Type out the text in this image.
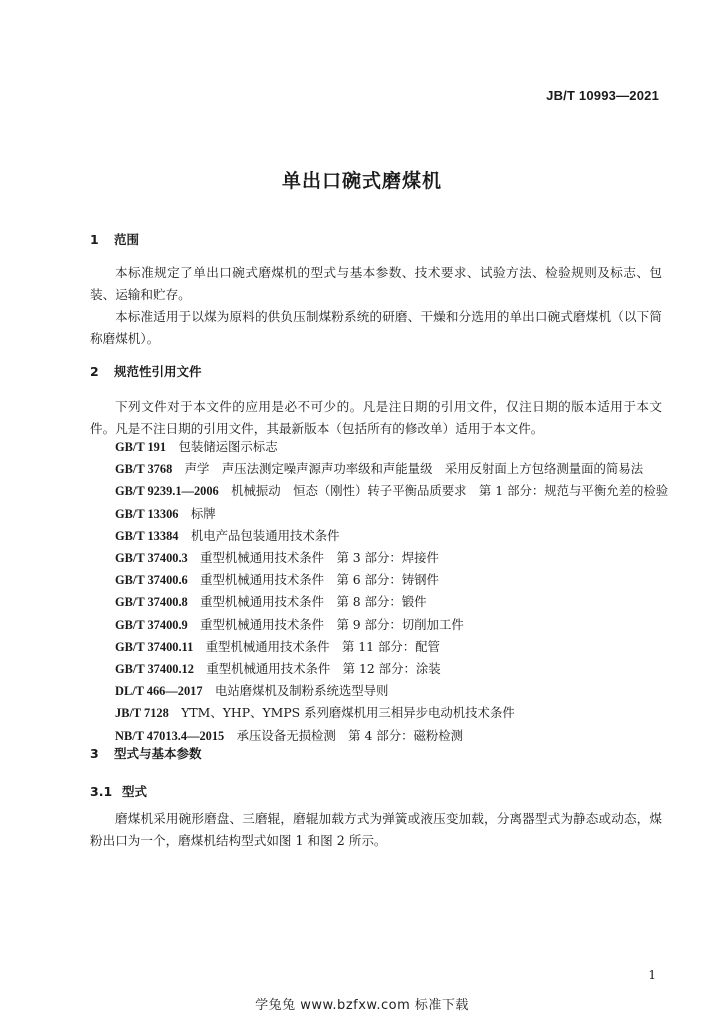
JB/T 10993—2021
单出口碗式磨煤机
1 范围
本标准规定了单出口碗式磨煤机的型式与基本参数、技术要求、试验方法、检验规则及标志、包装、运输和贮存。
本标准适用于以煤为原料的供负压制煤粉系统的研磨、干燥和分选用的单出口碗式磨煤机（以下简称磨煤机）。
2 规范性引用文件
下列文件对于本文件的应用是必不可少的。凡是注日期的引用文件，仅注日期的版本适用于本文件。凡是不注日期的引用文件，其最新版本（包括所有的修改单）适用于本文件。
GB/T 191　 包装储运图示标志
GB/T 3768　 声学　声压法测定噪声源声功率级和声能量级　采用反射面上方包络测量面的简易法
GB/T 9239.1—2006　 机械振动　恒态（刚性）转子平衡品质要求　第 1 部分：规范与平衡允差的检验
GB/T 13306　 标牌
GB/T 13384　 机电产品包装通用技术条件
GB/T 37400.3　 重型机械通用技术条件　第 3 部分：焊接件
GB/T 37400.6　 重型机械通用技术条件　第 6 部分：铸钢件
GB/T 37400.8　 重型机械通用技术条件　第 8 部分：锻件
GB/T 37400.9　 重型机械通用技术条件　第 9 部分：切削加工件
GB/T 37400.11　 重型机械通用技术条件　第 11 部分：配管
GB/T 37400.12　 重型机械通用技术条件　第 12 部分：涂装
DL/T 466—2017　 电站磨煤机及制粉系统选型导则
JB/T 7128　 YTM、YHP、YMPS 系列磨煤机用三相异步电动机技术条件
NB/T 47013.4—2015　 承压设备无损检测　第 4 部分：磁粉检测
3 型式与基本参数
3.1 型式
磨煤机采用碗形磨盘、三磨辊，磨辊加载方式为弹簧或液压变加载，分离器型式为静态或动态，煤粉出口为一个，磨煤机结构型式如图 1 和图 2 所示。
1
学兔兔 www.bzfxw.com 标准下载
